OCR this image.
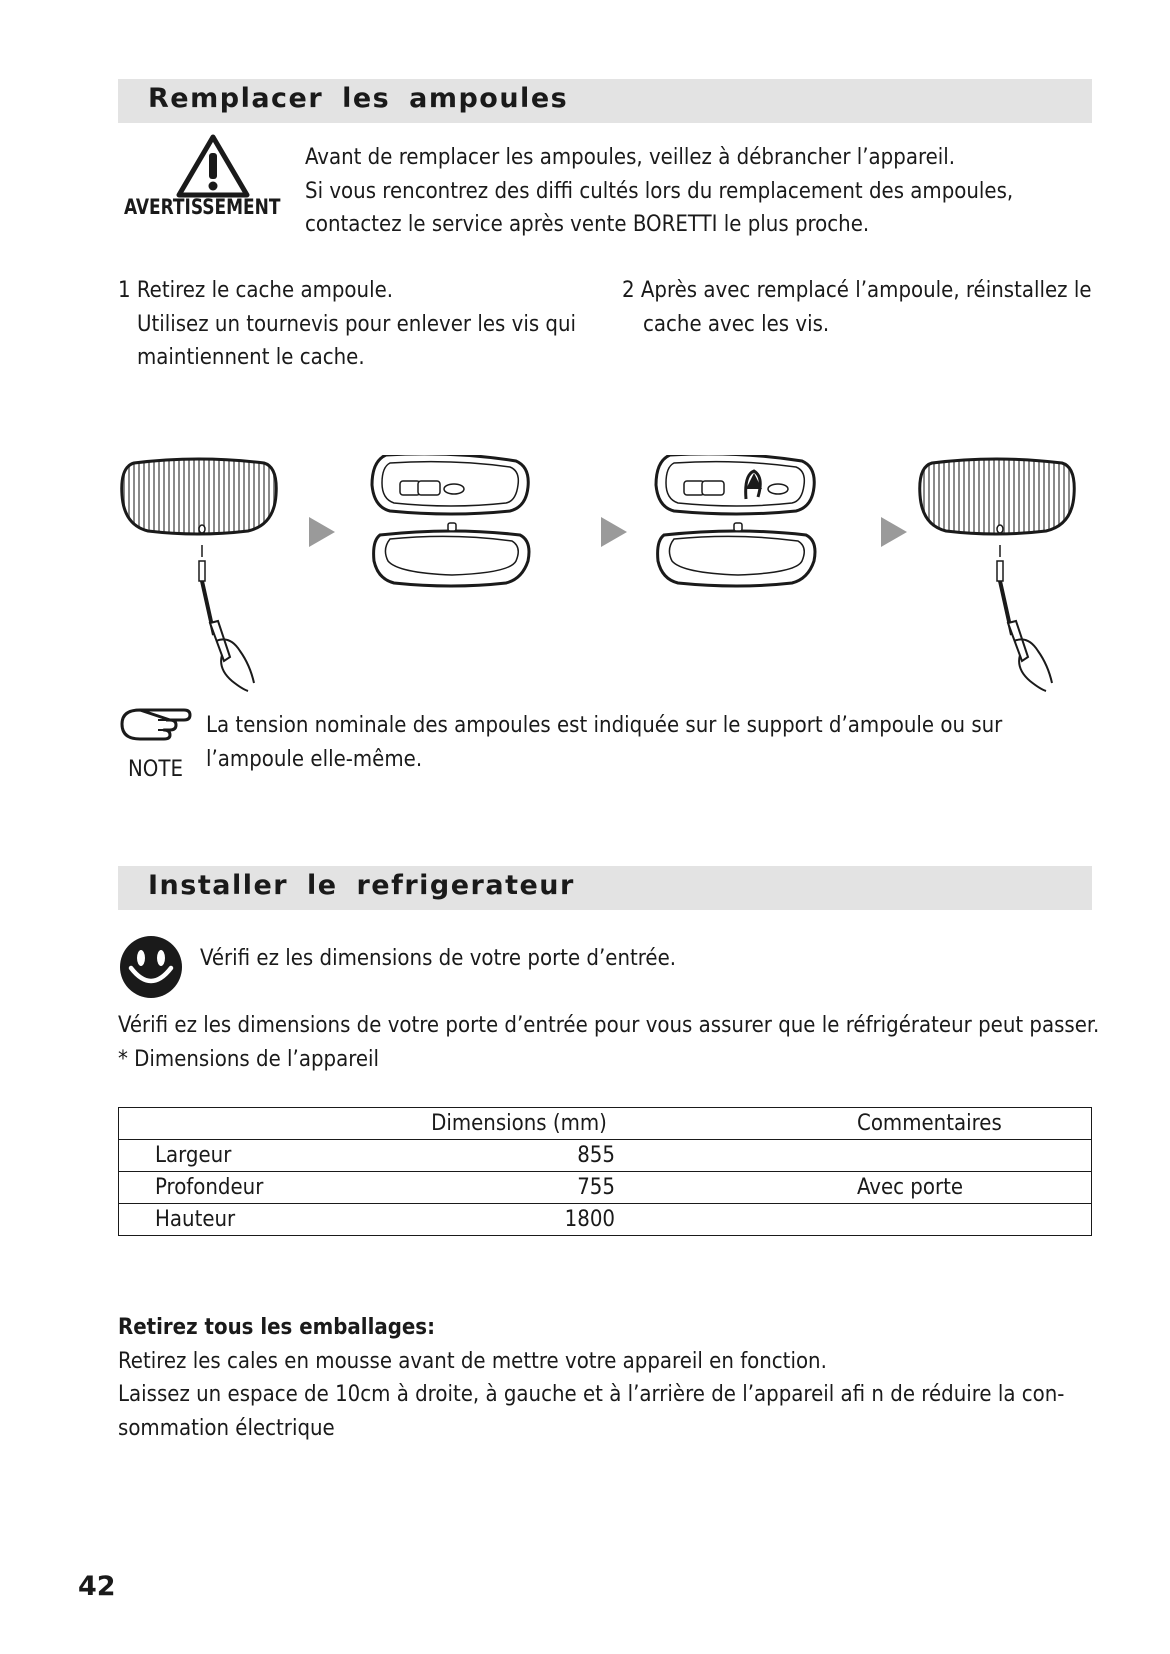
Remplacer les ampoules
AVERTISSEMENT
Avant de remplacer les ampoules, veillez à débrancher l’appareil.
Si vous rencontrez des diffi cultés lors du remplacement des ampoules,
contactez le service après vente BORETTI le plus proche.
1 Retirez le cache ampoule.
Utilisez un tournevis pour enlever les vis qui
maintiennent le cache.
2 Après avec remplacé l’ampoule, réinstallez le
cache avec les vis.
NOTE
La tension nominale des ampoules est indiquée sur le support d’ampoule ou sur
l’ampoule elle-même.
Installer le refrigerateur
Vérifi ez les dimensions de votre porte d’entrée.
Vérifi ez les dimensions de votre porte d’entrée pour vous assurer que le réfrigérateur peut passer.
* Dimensions de l’appareil
	Dimensions (mm)	Commentaires
Largeur	855	
Profondeur	755	Avec porte
Hauteur	1800	
Retirez tous les emballages:
Retirez les cales en mousse avant de mettre votre appareil en fonction.
Laissez un espace de 10cm à droite, à gauche et à l’arrière de l’appareil afi n de réduire la con-
sommation électrique
42
